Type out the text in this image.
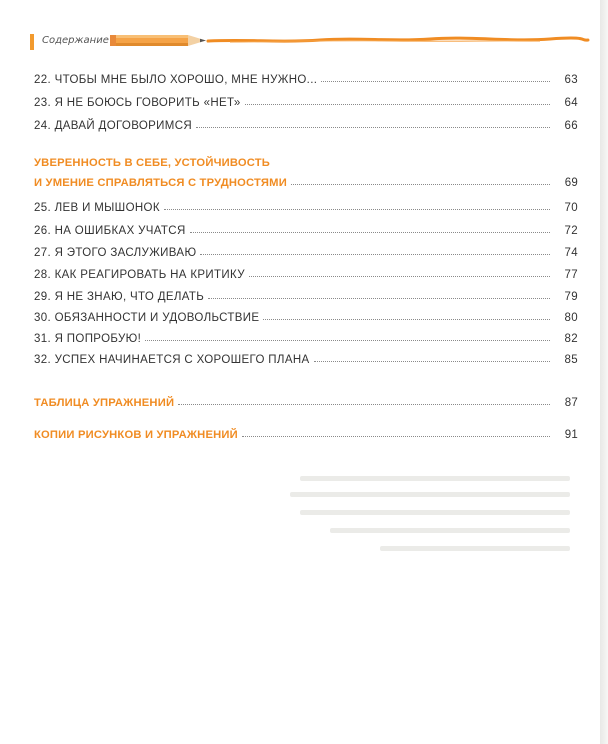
Содержание
22. ЧТОБЫ МНЕ БЫЛО ХОРОШО, МНЕ НУЖНО...	63
23. Я НЕ БОЮСЬ ГОВОРИТЬ «НЕТ»	64
24. ДАВАЙ ДОГОВОРИМСЯ	66
УВЕРЕННОСТЬ В СЕБЕ, УСТОЙЧИВОСТЬ
И УМЕНИЕ СПРАВЛЯТЬСЯ С ТРУДНОСТЯМИ	69
25. ЛЕВ И МЫШОНОК	70
26. НА ОШИБКАХ УЧАТСЯ	72
27. Я ЭТОГО ЗАСЛУЖИВАЮ	74
28. КАК РЕАГИРОВАТЬ НА КРИТИКУ	77
29. Я НЕ ЗНАЮ, ЧТО ДЕЛАТЬ	79
30. ОБЯЗАННОСТИ И УДОВОЛЬСТВИЕ	80
31. Я ПОПРОБУЮ!	82
32. УСПЕХ НАЧИНАЕТСЯ С ХОРОШЕГО ПЛАНА	85
ТАБЛИЦА УПРАЖНЕНИЙ	87
КОПИИ РИСУНКОВ И УПРАЖНЕНИЙ	91
